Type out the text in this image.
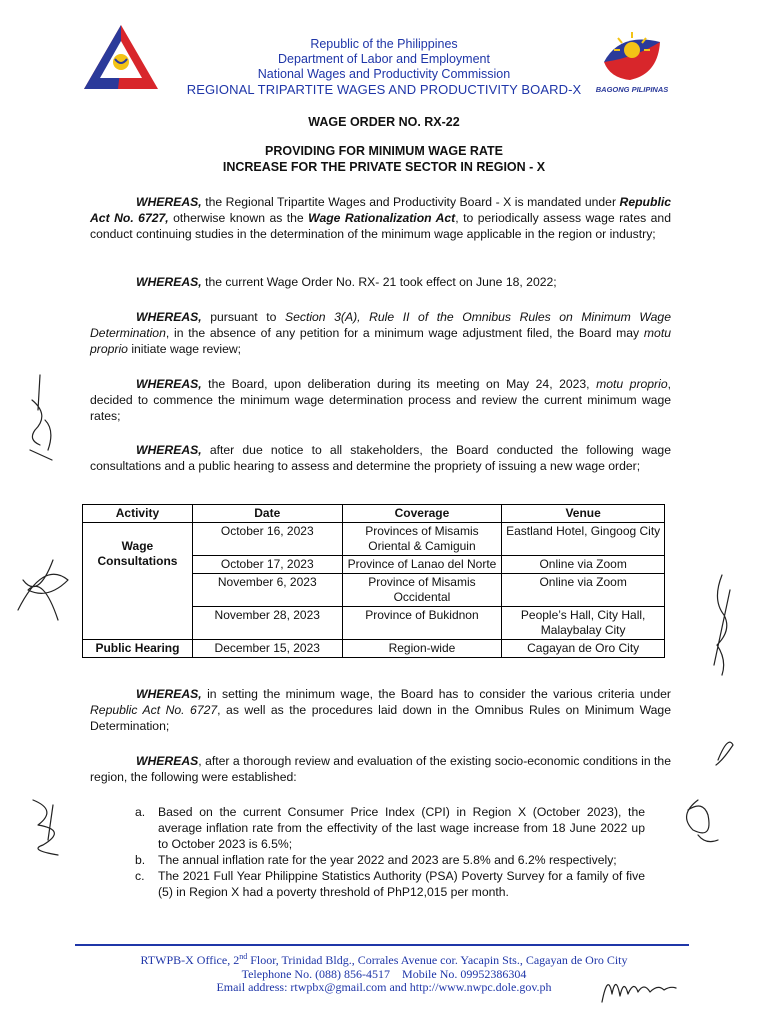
Republic of the Philippines
Department of Labor and Employment
National Wages and Productivity Commission
REGIONAL TRIPARTITE WAGES AND PRODUCTIVITY BOARD-X	BAGONG PILIPINAS
WAGE ORDER NO. RX-22
PROVIDING FOR MINIMUM WAGE RATE
INCREASE FOR THE PRIVATE SECTOR IN REGION - X

WHEREAS, the Regional Tripartite Wages and Productivity Board - X is mandated under Republic Act No. 6727, otherwise known as the Wage Rationalization Act, to periodically assess wage rates and conduct continuing studies in the determination of the minimum wage applicable in the region or industry;

WHEREAS, the current Wage Order No. RX- 21 took effect on June 18, 2022;

WHEREAS, pursuant to Section 3(A), Rule II of the Omnibus Rules on Minimum Wage Determination, in the absence of any petition for a minimum wage adjustment filed, the Board may motu proprio initiate wage review;

WHEREAS, the Board, upon deliberation during its meeting on May 24, 2023, motu proprio, decided to commence the minimum wage determination process and review the current minimum wage rates;

WHEREAS, after due notice to all stakeholders, the Board conducted the following wage consultations and a public hearing to assess and determine the propriety of issuing a new wage order;

Activity	Date	Coverage	Venue
Wage Consultations	October 16, 2023	Provinces of Misamis Oriental & Camiguin	Eastland Hotel, Gingoog City
	October 17, 2023	Province of Lanao del Norte	Online via Zoom
	November 6, 2023	Province of Misamis Occidental	Online via Zoom
	November 28, 2023	Province of Bukidnon	People’s Hall, City Hall, Malaybalay City
Public Hearing	December 15, 2023	Region-wide	Cagayan de Oro City

WHEREAS, in setting the minimum wage, the Board has to consider the various criteria under Republic Act No. 6727, as well as the procedures laid down in the Omnibus Rules on Minimum Wage Determination;

WHEREAS, after a thorough review and evaluation of the existing socio-economic conditions in the region, the following were established:

a. Based on the current Consumer Price Index (CPI) in Region X (October 2023), the average inflation rate from the effectivity of the last wage increase from 18 June 2022 up to October 2023 is 6.5%;
b. The annual inflation rate for the year 2022 and 2023 are 5.8% and 6.2% respectively;
c. The 2021 Full Year Philippine Statistics Authority (PSA) Poverty Survey for a family of five (5) in Region X had a poverty threshold of PhP12,015 per month.
RTWPB-X Office, 2nd Floor, Trinidad Bldg., Corrales Avenue cor. Yacapin Sts., Cagayan de Oro City
Telephone No. (088) 856-4517    Mobile No. 09952386304
Email address: rtwpbx@gmail.com and http://www.nwpc.dole.gov.ph
